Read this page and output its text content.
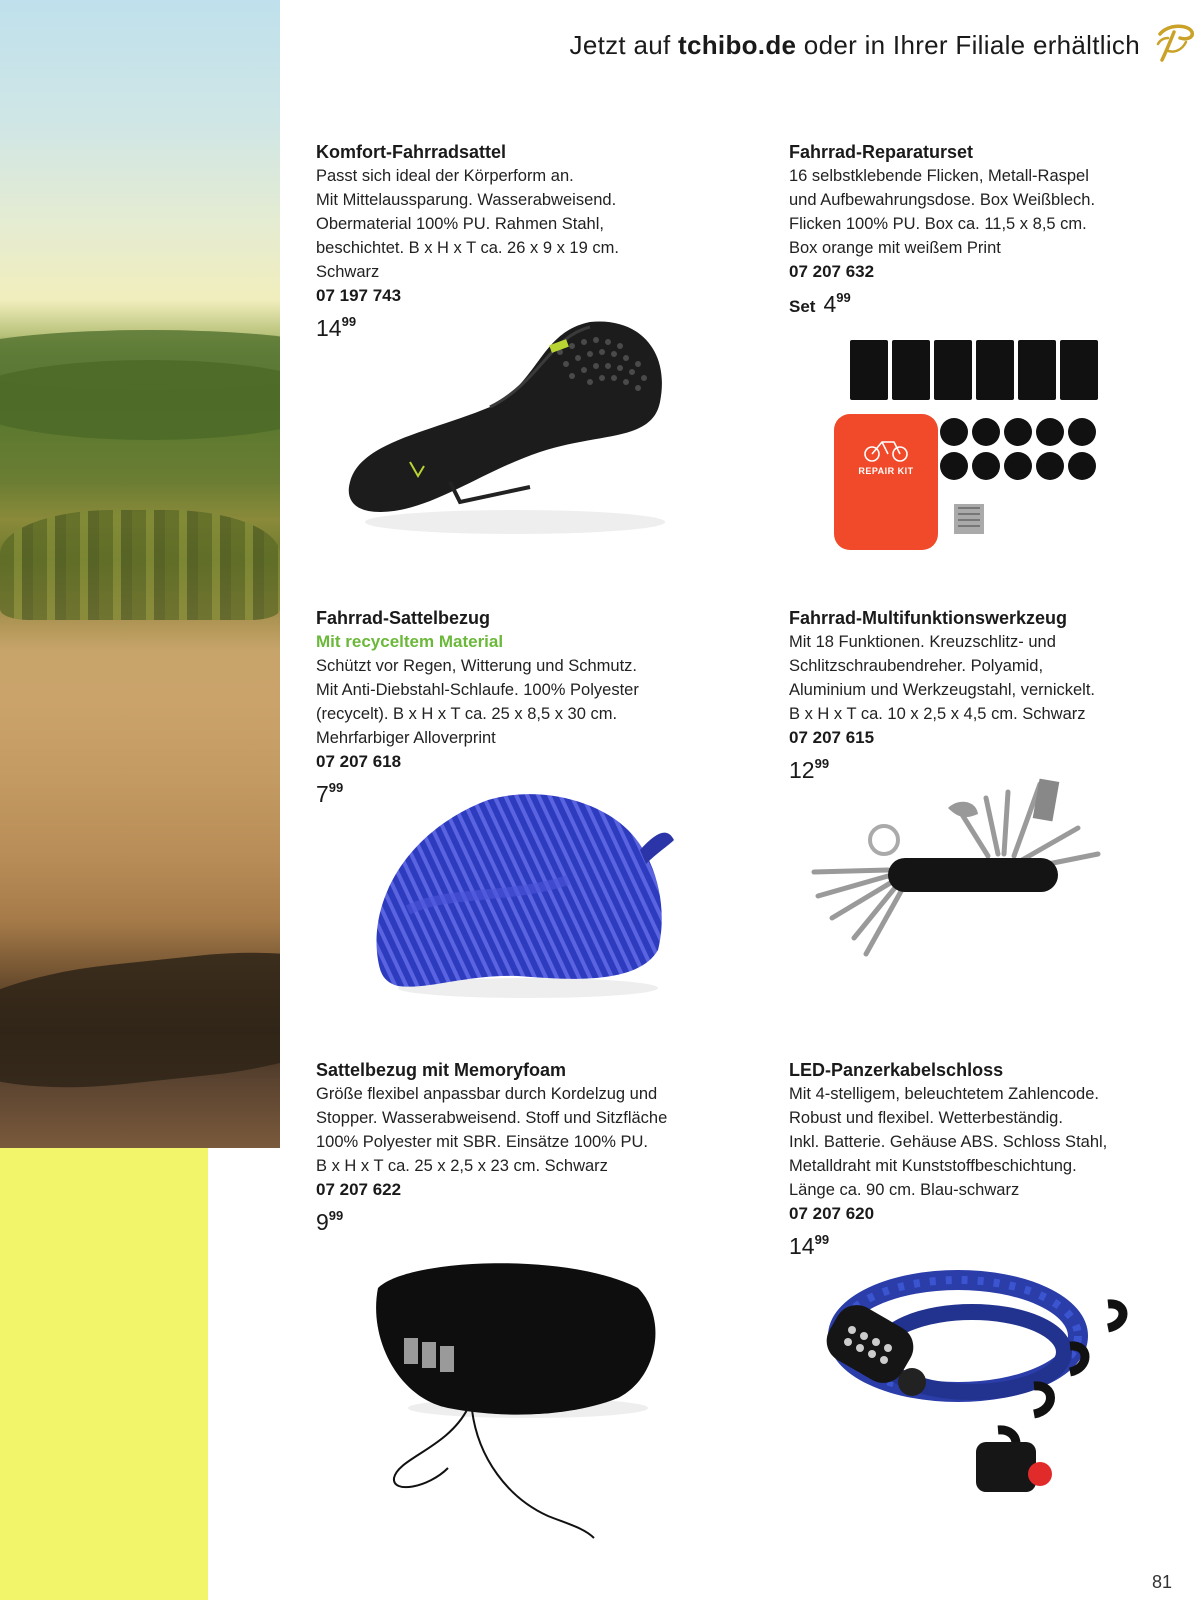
Jetzt auf tchibo.de oder in Ihrer Filiale erhältlich
Komfort-Fahrradsattel
Passt sich ideal der Körperform an.
Mit Mittelaussparung. Wasserabweisend.
Obermaterial 100% PU. Rahmen Stahl,
beschichtet. B x H x T ca. 26 x 9 x 19 cm.
Schwarz
07 197 743
$14^{99}$
Fahrrad-Reparaturset
16 selbstklebende Flicken, Metall-Raspel
und Aufbewahrungsdose. Box Weißblech.
Flicken 100% PU. Box ca. 11,5 x 8,5 cm.
Box orange mit weißem Print
07 207 632
Set $4^{99}$
REPAIR KIT
Fahrrad-Sattelbezug
Mit recyceltem Material
Schützt vor Regen, Witterung und Schmutz.
Mit Anti-Diebstahl-Schlaufe. 100% Polyester
(recycelt). B x H x T ca. 25 x 8,5 x 30 cm.
Mehrfarbiger Alloverprint
07 207 618
$7^{99}$
Fahrrad-Multifunktionswerkzeug
Mit 18 Funktionen. Kreuzschlitz- und
Schlitzschraubendreher. Polyamid,
Aluminium und Werkzeugstahl, vernickelt.
B x H x T ca. 10 x 2,5 x 4,5 cm. Schwarz
07 207 615
$12^{99}$
Sattelbezug mit Memoryfoam
Größe flexibel anpassbar durch Kordelzug und
Stopper. Wasserabweisend. Stoff und Sitzfläche
100% Polyester mit SBR. Einsätze 100% PU.
B x H x T ca. 25 x 2,5 x 23 cm. Schwarz
07 207 622
$9^{99}$
LED-Panzerkabelschloss
Mit 4-stelligem, beleuchtetem Zahlencode.
Robust und flexibel. Wetterbeständig.
Inkl. Batterie. Gehäuse ABS. Schloss Stahl,
Metalldraht mit Kunststoffbeschichtung.
Länge ca. 90 cm. Blau-schwarz
07 207 620
$14^{99}$
81
